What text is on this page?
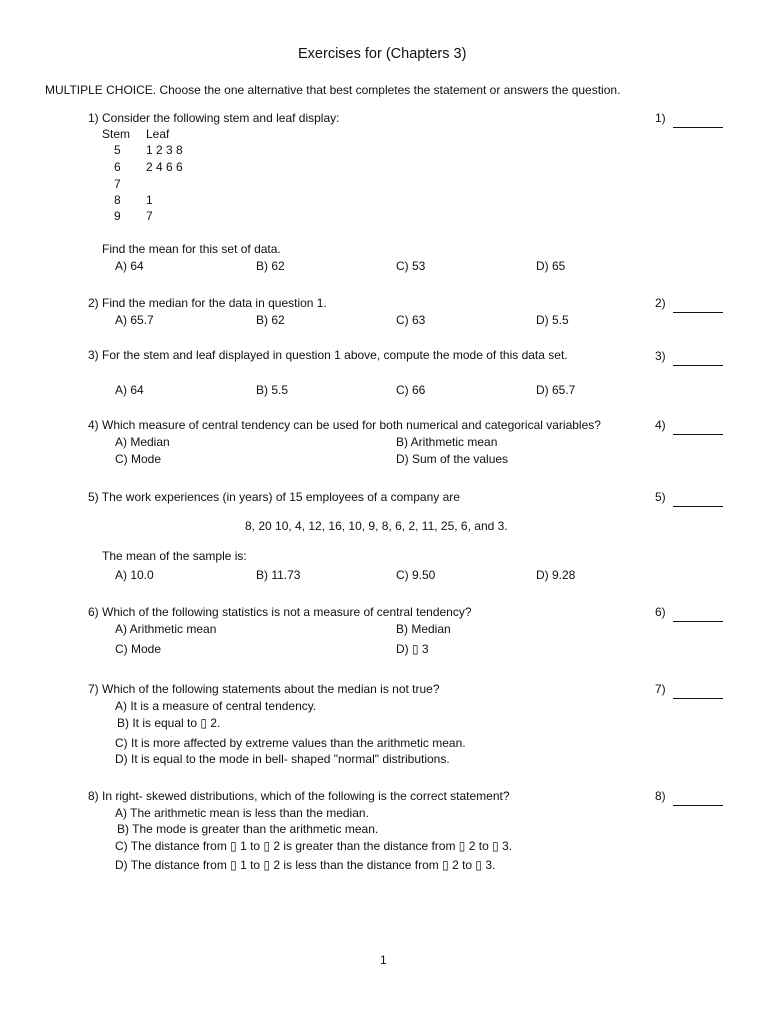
Exercises for (Chapters 3)
MULTIPLE CHOICE. Choose the one alternative that best completes the statement or answers the question.
1) Consider the following stem and leaf display:	1)
Stem Leaf
5 1 2 3 8
6 2 4 6 6
7
8 1
9 7
Find the mean for this set of data.
A) 64	B) 62	C) 53	D) 65
2) Find the median for the data in question 1.	2)
A) 65.7	B) 62	C) 63	D) 5.5
3) For the stem and leaf displayed in question 1 above, compute the mode of this data set.	3)
A) 64	B) 5.5	C) 66	D) 65.7
4) Which measure of central tendency can be used for both numerical and categorical variables?	4)
A) Median	B) Arithmetic mean
C) Mode	D) Sum of the values
5) The work experiences (in years) of 15 employees of a company are	5)
8, 20 10, 4, 12, 16, 10, 9, 8, 6, 2, 11, 25, 6, and 3.
The mean of the sample is:
A) 10.0	B) 11.73	C) 9.50	D) 9.28
6) Which of the following statistics is not a measure of central tendency?	6)
A) Arithmetic mean	B) Median
C) Mode	D) ▯ 3
7) Which of the following statements about the median is not true?	7)
A) It is a measure of central tendency.
B) It is equal to ▯ 2.
C) It is more affected by extreme values than the arithmetic mean.
D) It is equal to the mode in bell- shaped "normal" distributions.
8) In right- skewed distributions, which of the following is the correct statement?	8)
A) The arithmetic mean is less than the median.
B) The mode is greater than the arithmetic mean.
C) The distance from ▯ 1 to ▯ 2 is greater than the distance from ▯ 2 to ▯ 3.
D) The distance from ▯ 1 to ▯ 2 is less than the distance from ▯ 2 to ▯ 3.
1
